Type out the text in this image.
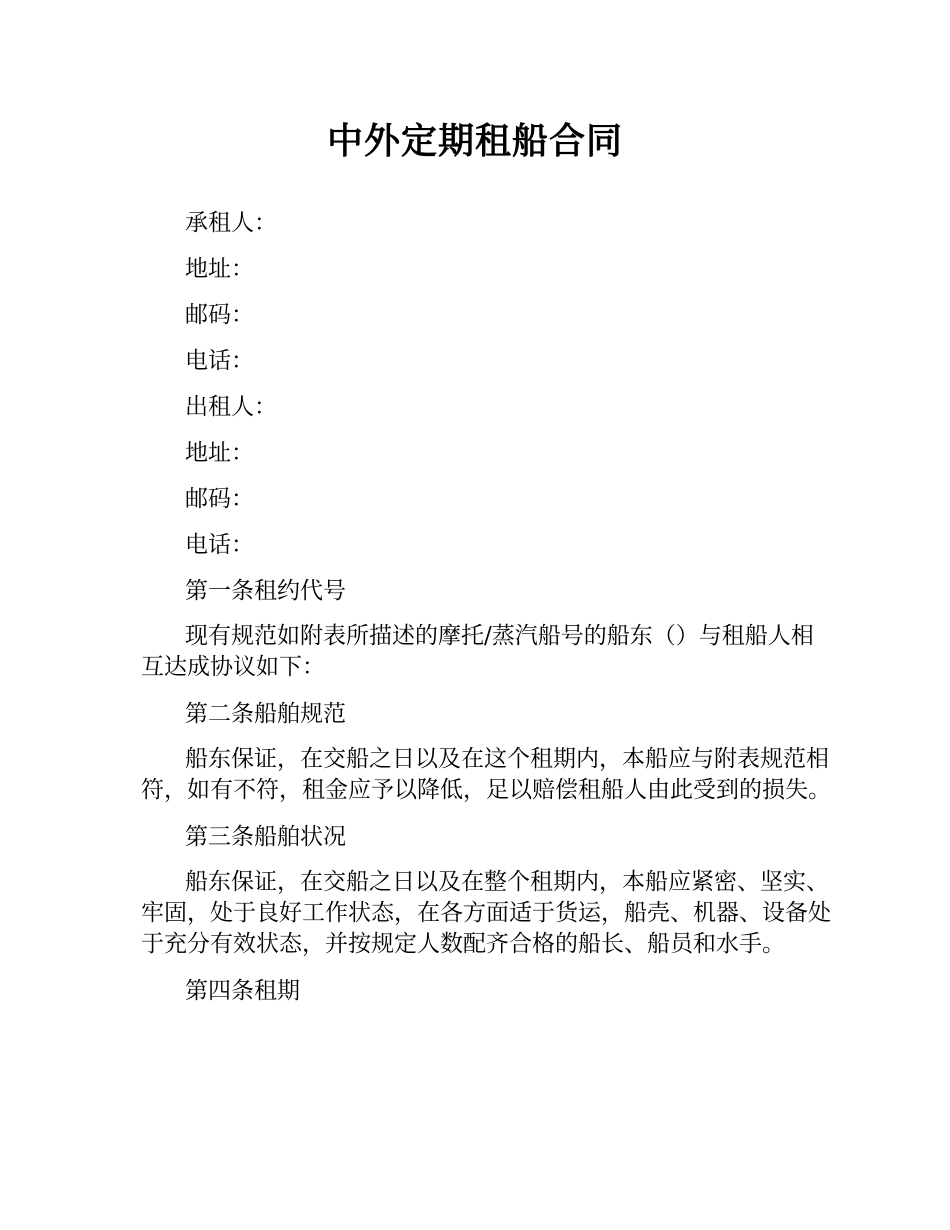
中外定期租船合同

承租人：

地址：

邮码：

电话：

出租人：

地址：

邮码：

电话：

第一条租约代号

现有规范如附表所描述的摩托/蒸汽船号的船东（）与租船人相互达成协议如下：

第二条船舶规范

船东保证，在交船之日以及在这个租期内，本船应与附表规范相符，如有不符，租金应予以降低，足以赔偿租船人由此受到的损失。

第三条船舶状况

船东保证，在交船之日以及在整个租期内，本船应紧密、坚实、牢固，处于良好工作状态，在各方面适于货运，船壳、机器、设备处于充分有效状态，并按规定人数配齐合格的船长、船员和水手。

第四条租期
